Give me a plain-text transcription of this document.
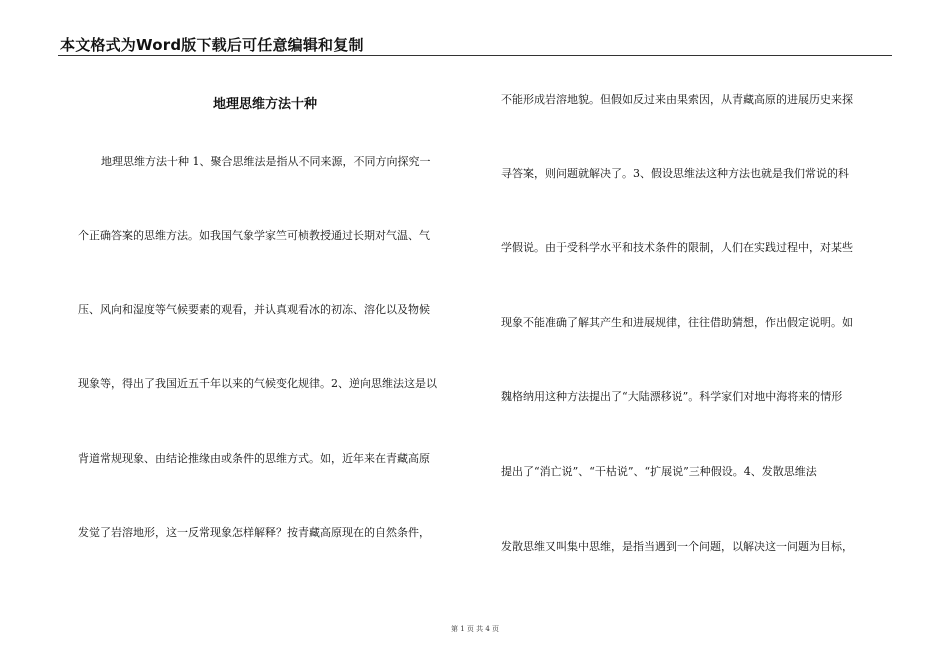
本文格式为Word版下载后可任意编辑和复制
地理思维方法十种
地理思维方法十种 1、聚合思维法是指从不同来源，不同方向探究一
个正确答案的思维方法。如我国气象学家竺可桢教授通过长期对气温、气
压、风向和湿度等气候要素的观看，并认真观看冰的初冻、溶化以及物候
现象等，得出了我国近五千年以来的气候变化规律。2、逆向思维法这是以
背道常规现象、由结论推缘由或条件的思维方式。如，近年来在青藏高原
发觉了岩溶地形，这一反常现象怎样解释？按青藏高原现在的自然条件，
不能形成岩溶地貌。但假如反过来由果索因，从青藏高原的进展历史来探
寻答案，则问题就解决了。3、假设思维法这种方法也就是我们常说的科
学假说。由于受科学水平和技术条件的限制，人们在实践过程中，对某些
现象不能准确了解其产生和进展规律，往往借助猜想，作出假定说明。如
魏格纳用这种方法提出了“大陆漂移说”。科学家们对地中海将来的情形
提出了“消亡说”、“干枯说”、“扩展说”三种假设。4、发散思维法
发散思维又叫集中思维，是指当遇到一个问题，以解决这一问题为目标，
第 1 页 共 4 页
